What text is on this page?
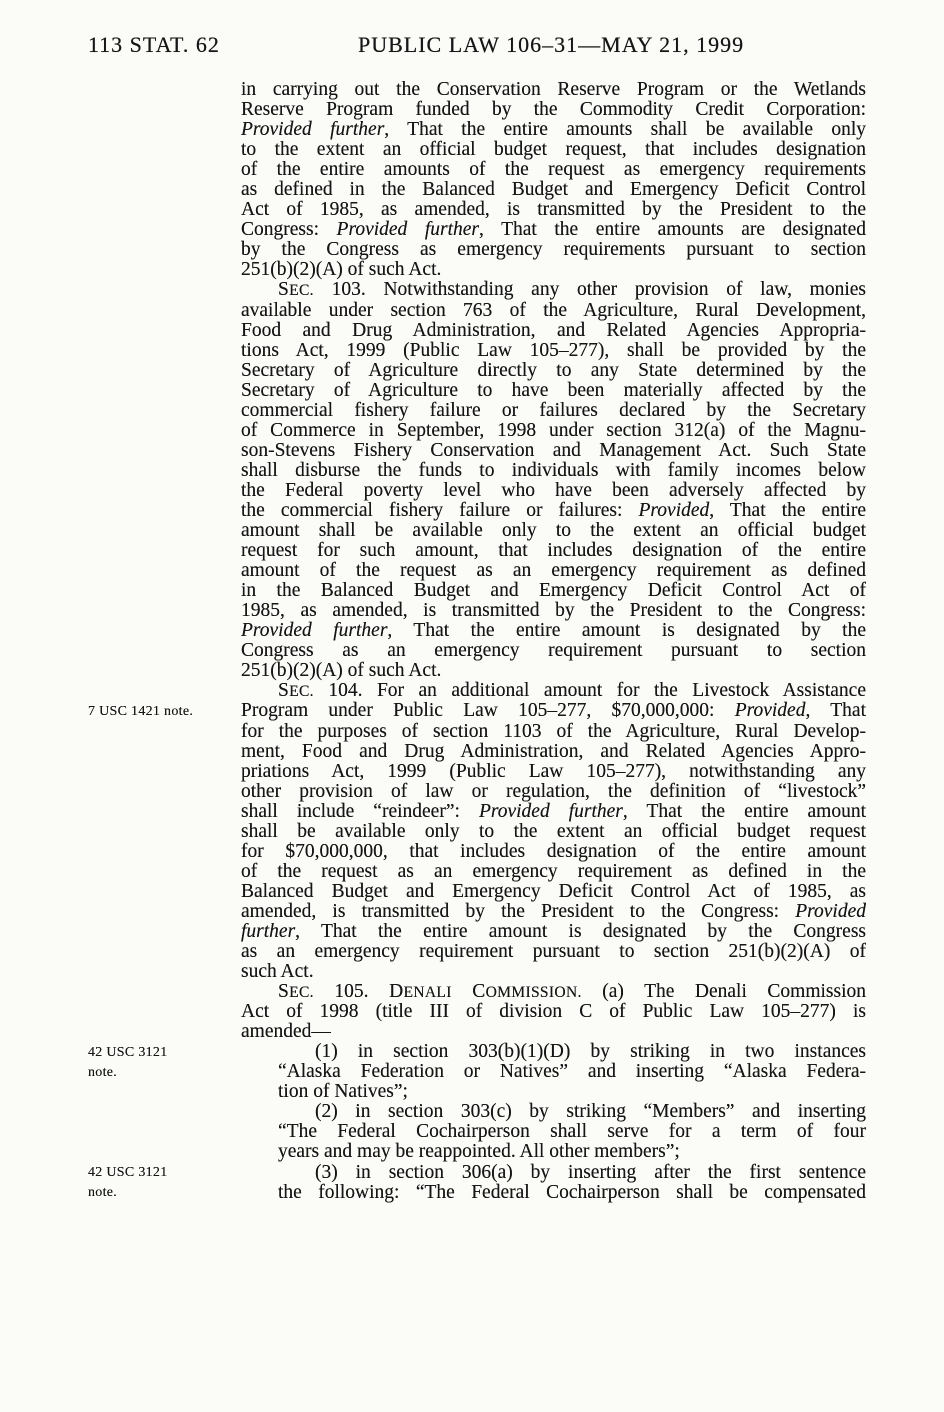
113 STAT. 62	PUBLIC LAW 106–31—MAY 21, 1999
7 USC 1421 note.
42 USC 3121
note.
42 USC 3121
note.
in carrying out the Conservation Reserve Program or the Wetlands
Reserve Program funded by the Commodity Credit Corporation:
Provided further, That the entire amounts shall be available only
to the extent an official budget request, that includes designation
of the entire amounts of the request as emergency requirements
as defined in the Balanced Budget and Emergency Deficit Control
Act of 1985, as amended, is transmitted by the President to the
Congress: Provided further, That the entire amounts are designated
by the Congress as emergency requirements pursuant to section
251(b)(2)(A) of such Act.
SEC. 103. Notwithstanding any other provision of law, monies
available under section 763 of the Agriculture, Rural Development,
Food and Drug Administration, and Related Agencies Appropria-
tions Act, 1999 (Public Law 105–277), shall be provided by the
Secretary of Agriculture directly to any State determined by the
Secretary of Agriculture to have been materially affected by the
commercial fishery failure or failures declared by the Secretary
of Commerce in September, 1998 under section 312(a) of the Magnu-
son-Stevens Fishery Conservation and Management Act. Such State
shall disburse the funds to individuals with family incomes below
the Federal poverty level who have been adversely affected by
the commercial fishery failure or failures: Provided, That the entire
amount shall be available only to the extent an official budget
request for such amount, that includes designation of the entire
amount of the request as an emergency requirement as defined
in the Balanced Budget and Emergency Deficit Control Act of
1985, as amended, is transmitted by the President to the Congress:
Provided further, That the entire amount is designated by the
Congress as an emergency requirement pursuant to section
251(b)(2)(A) of such Act.
SEC. 104. For an additional amount for the Livestock Assistance
Program under Public Law 105–277, $70,000,000: Provided, That
for the purposes of section 1103 of the Agriculture, Rural Develop-
ment, Food and Drug Administration, and Related Agencies Appro-
priations Act, 1999 (Public Law 105–277), notwithstanding any
other provision of law or regulation, the definition of “livestock”
shall include “reindeer”: Provided further, That the entire amount
shall be available only to the extent an official budget request
for $70,000,000, that includes designation of the entire amount
of the request as an emergency requirement as defined in the
Balanced Budget and Emergency Deficit Control Act of 1985, as
amended, is transmitted by the President to the Congress: Provided
further, That the entire amount is designated by the Congress
as an emergency requirement pursuant to section 251(b)(2)(A) of
such Act.
SEC. 105. DENALI COMMISSION. (a) The Denali Commission
Act of 1998 (title III of division C of Public Law 105–277) is
amended—
(1) in section 303(b)(1)(D) by striking in two instances
“Alaska Federation or Natives” and inserting “Alaska Federa-
tion of Natives”;
(2) in section 303(c) by striking “Members” and inserting
“The Federal Cochairperson shall serve for a term of four
years and may be reappointed. All other members”;
(3) in section 306(a) by inserting after the first sentence
the following: “The Federal Cochairperson shall be compensated
